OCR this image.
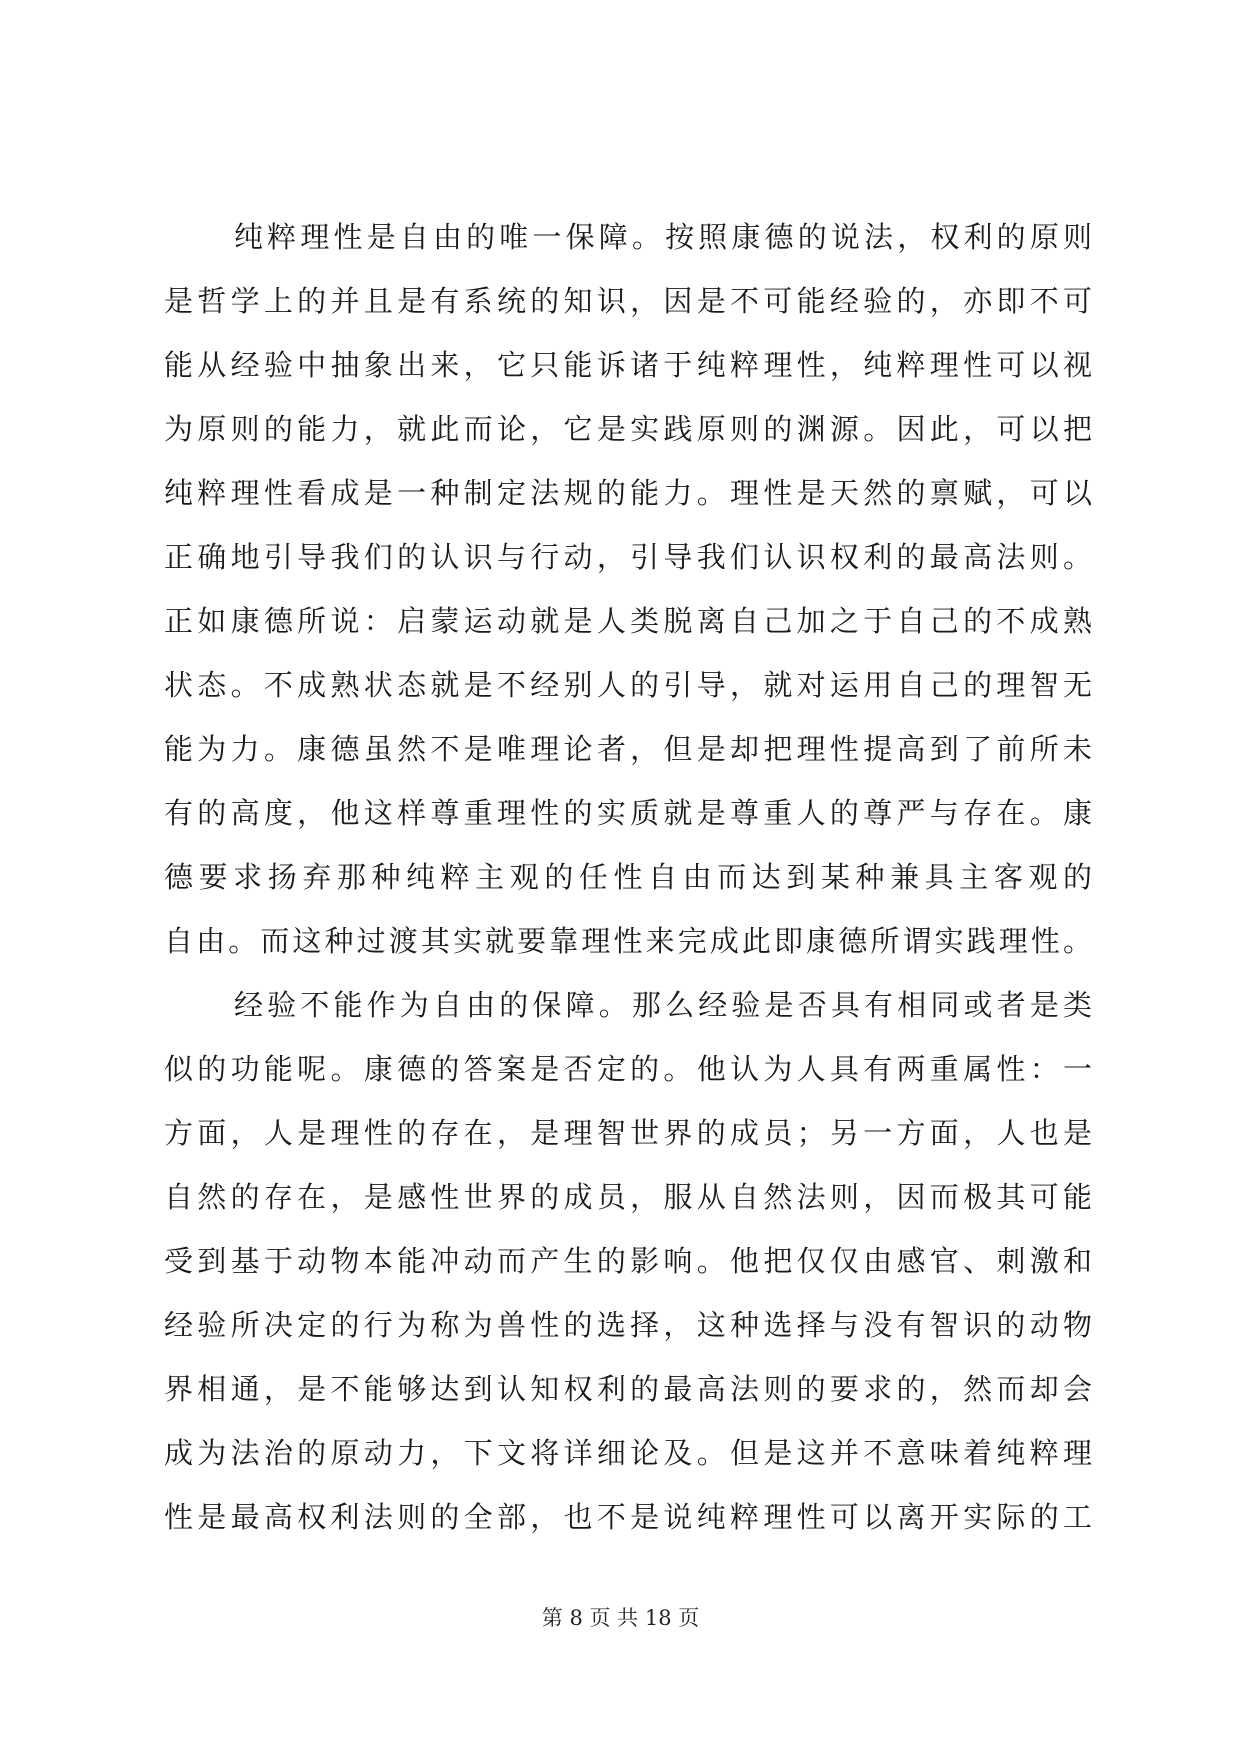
纯粹理性是自由的唯一保障。按照康德的说法，权利的原则
是哲学上的并且是有系统的知识，因是不可能经验的，亦即不可
能从经验中抽象出来，它只能诉诸于纯粹理性，纯粹理性可以视
为原则的能力，就此而论，它是实践原则的渊源。因此，可以把
纯粹理性看成是一种制定法规的能力。理性是天然的禀赋，可以
正确地引导我们的认识与行动，引导我们认识权利的最高法则。
正如康德所说：启蒙运动就是人类脱离自己加之于自己的不成熟
状态。不成熟状态就是不经别人的引导，就对运用自己的理智无
能为力。康德虽然不是唯理论者，但是却把理性提高到了前所未
有的高度，他这样尊重理性的实质就是尊重人的尊严与存在。康
德要求扬弃那种纯粹主观的任性自由而达到某种兼具主客观的
自由。而这种过渡其实就要靠理性来完成此即康德所谓实践理性。
经验不能作为自由的保障。那么经验是否具有相同或者是类
似的功能呢。康德的答案是否定的。他认为人具有两重属性：一
方面，人是理性的存在，是理智世界的成员；另一方面，人也是
自然的存在，是感性世界的成员，服从自然法则，因而极其可能
受到基于动物本能冲动而产生的影响。他把仅仅由感官、刺激和
经验所决定的行为称为兽性的选择，这种选择与没有智识的动物
界相通，是不能够达到认知权利的最高法则的要求的，然而却会
成为法治的原动力，下文将详细论及。但是这并不意味着纯粹理
性是最高权利法则的全部，也不是说纯粹理性可以离开实际的工
第 8 页 共 18 页
